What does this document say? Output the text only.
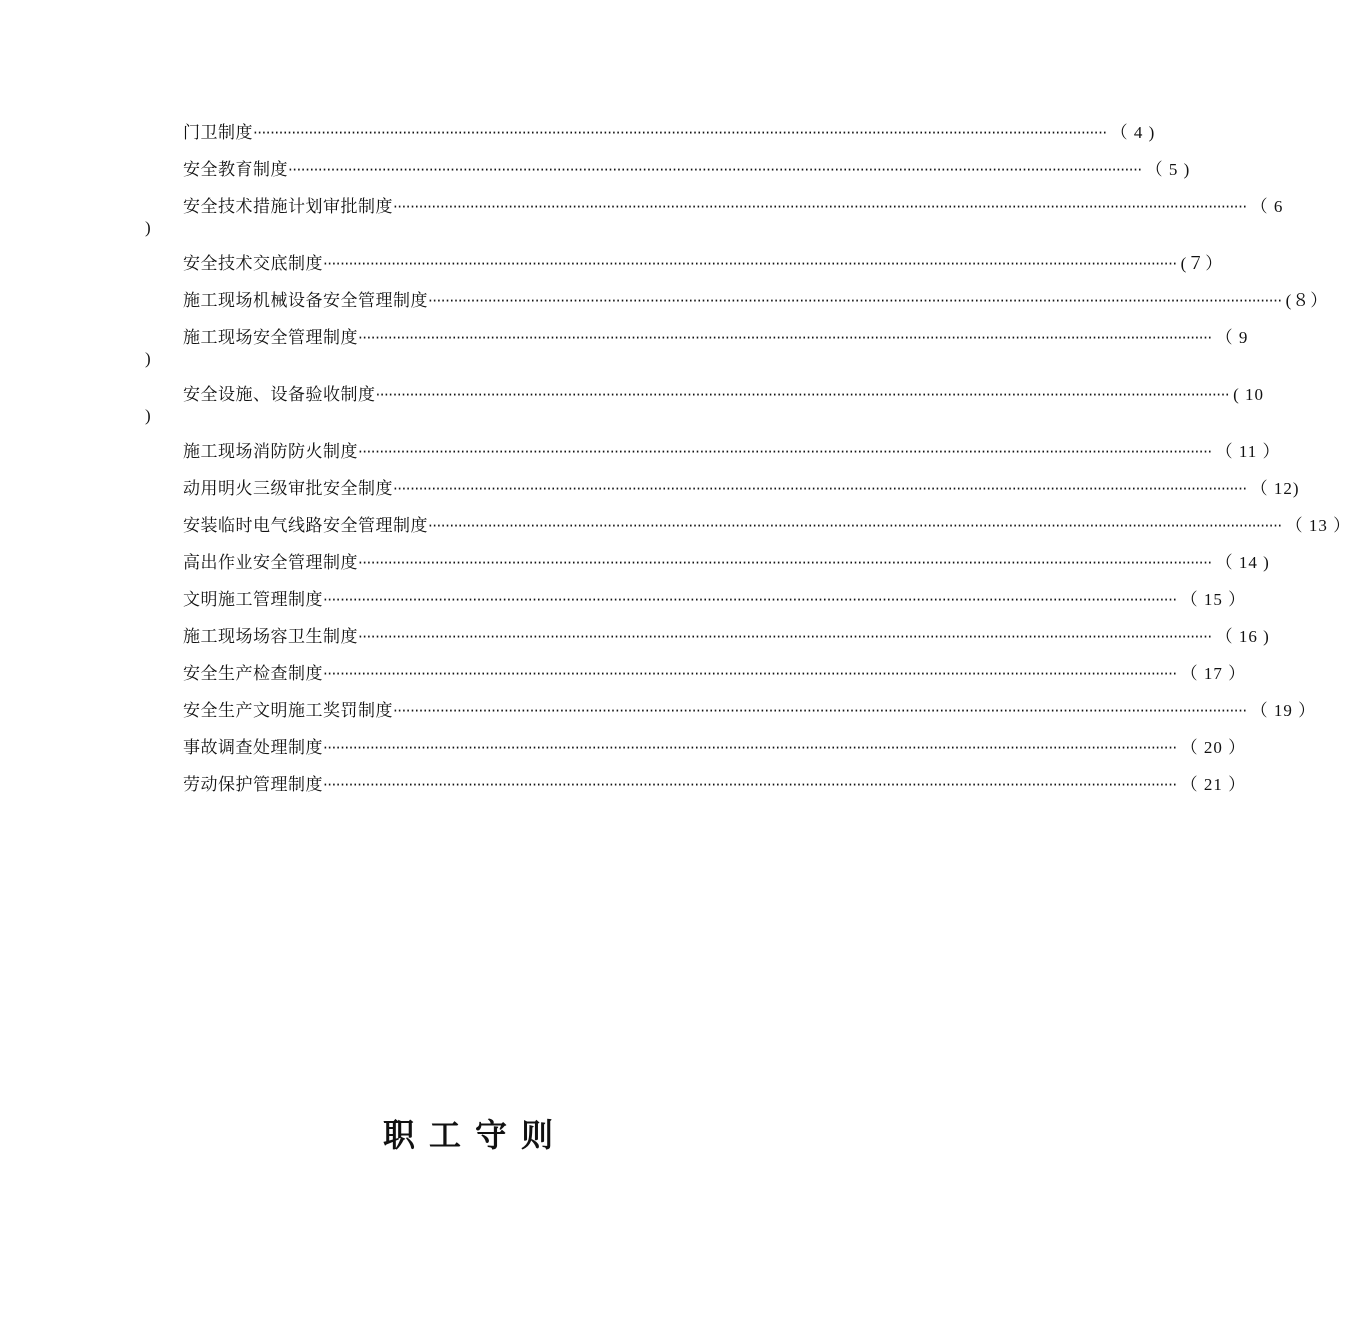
门卫制度 ········································································································································································································ （ 4 )
安全教育制度 ········································································································································································································ （ 5 )
安全技术措施计划审批制度 ········································································································································································································ （ 6
)
安全技术交底制度 ········································································································································································································ (７）
施工现场机械设备安全管理制度 ········································································································································································································ (８）
施工现场安全管理制度 ········································································································································································································ （ 9
)
安全设施、设备验收制度 ········································································································································································································ ( 10
)
施工现场消防防火制度 ········································································································································································································ （ 11 ）
动用明火三级审批安全制度 ········································································································································································································ （ 12)
安装临时电气线路安全管理制度 ········································································································································································································ （ 13 ）
高出作业安全管理制度 ········································································································································································································ （ 14 )
文明施工管理制度 ········································································································································································································ （ 15 ）
施工现场场容卫生制度 ········································································································································································································ （ 16 )
安全生产检查制度 ········································································································································································································ （ 17 ）
安全生产文明施工奖罚制度 ········································································································································································································ （ 19 ）
事故调查处理制度 ········································································································································································································ （ 20 ）
劳动保护管理制度 ········································································································································································································ （ 21 ）
职工守则
